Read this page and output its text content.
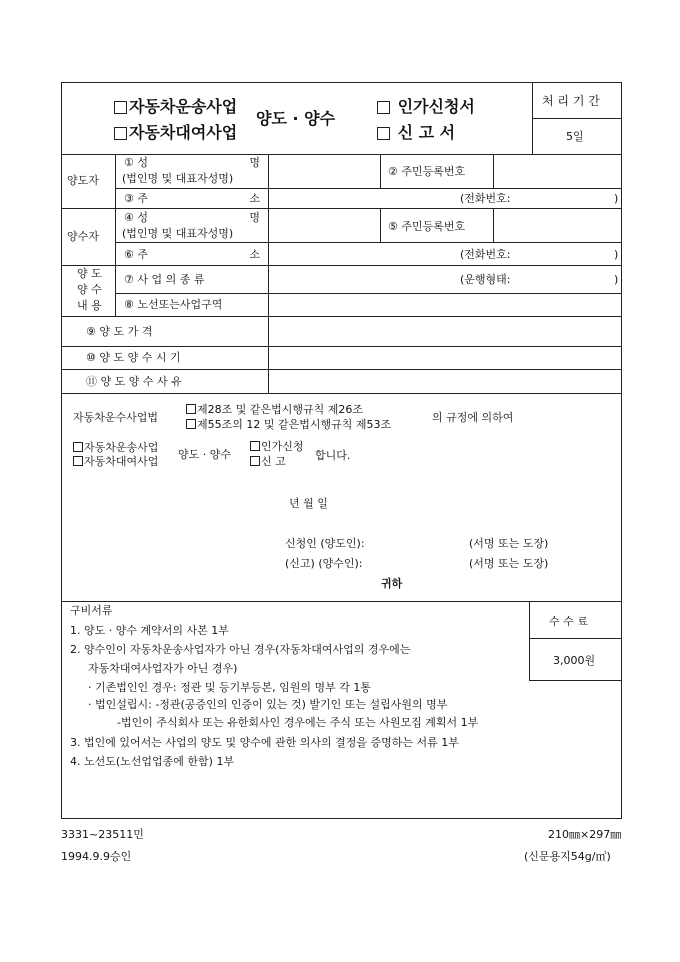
자동차운송사업
자동차대여사업
양도 · 양수
인가신청서
신 고 서
처 리 기 간
5일
양도자
① 성	명
(법인명 및 대표자성명)
② 주민등록번호
③ 주	소	(전화번호:	)
양수자
④ 성	명
(법인명 및 대표자성명)
⑤ 주민등록번호
⑥ 주	소	(전화번호:	)
양 도
양 수
내 용
⑦ 사 업 의 종 류	(운행형태:	)
⑧ 노선또는사업구역
⑨ 양 도 가 격
⑩ 양 도 양 수 시 기
⑪ 양 도 양 수 사 유
자동차운수사업법
제28조 및 같은법시행규칙 제26조
제55조의 12 및 같은법시행규칙 제53조
의 규정에 의하여
자동차운송사업
자동차대여사업
양도 · 양수
인가신청
신 고	합니다.
년 월 일
신청인 (양도인):	(서명 또는 도장)
(신고) (양수인):	(서명 또는 도장)
귀하
구비서류
수 수 료
3,000원
1. 양도 · 양수 계약서의 사본 1부
2. 양수인이 자동차운송사업자가 아닌 경우(자동차대여사업의 경우에는
자동차대여사업자가 아닌 경우)
· 기존법인인 경우: 정관 및 등기부등본, 임원의 명부 각 1통
· 법인설립시: -정관(공증인의 인증이 있는 것) 발기인 또는 설립사원의 명부
-법인이 주식회사 또는 유한회사인 경우에는 주식 또는 사원모집 계획서 1부
3. 법인에 있어서는 사업의 양도 및 양수에 관한 의사의 결정을 증명하는 서류 1부
4. 노선도(노선업업종에 한함) 1부
3331~23511민
1994.9.9승인
210㎜×297㎜
(신문용지54g/㎡)
